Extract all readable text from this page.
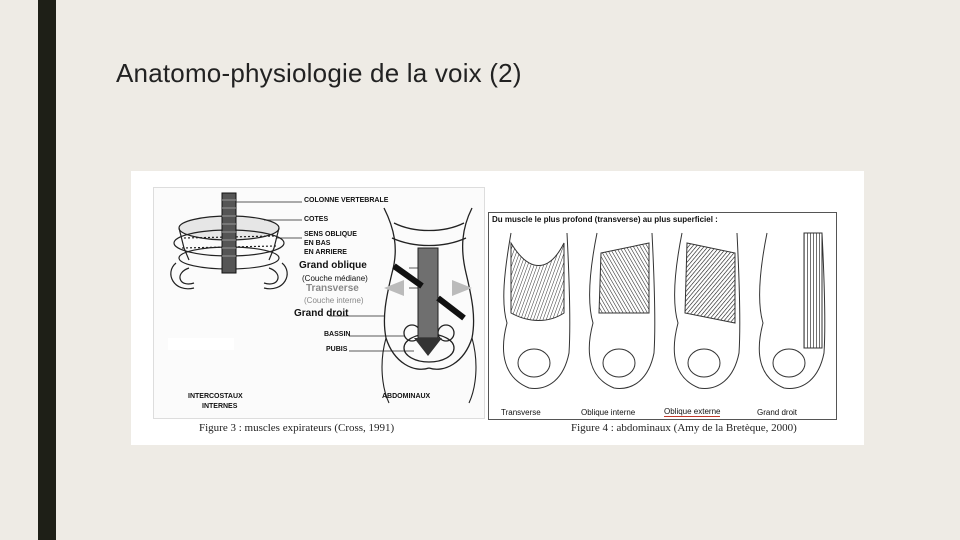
Anatomo-physiologie de la voix (2)
COLONNE VERTEBRALE
COTES
SENS OBLIQUE
EN BAS
EN ARRIERE
Grand oblique
(Couche médiane)
Transverse
(Couche interne)
Grand droit
BASSIN
PUBIS
INTERCOSTAUX
INTERNES
ABDOMINAUX
Figure 3 : muscles expirateurs (Cross, 1991)
Du muscle le plus profond (transverse) au plus superficiel :
Transverse	Oblique interne	Oblique externe	Grand droit
Figure 4 : abdominaux (Amy de la Bretèque, 2000)
